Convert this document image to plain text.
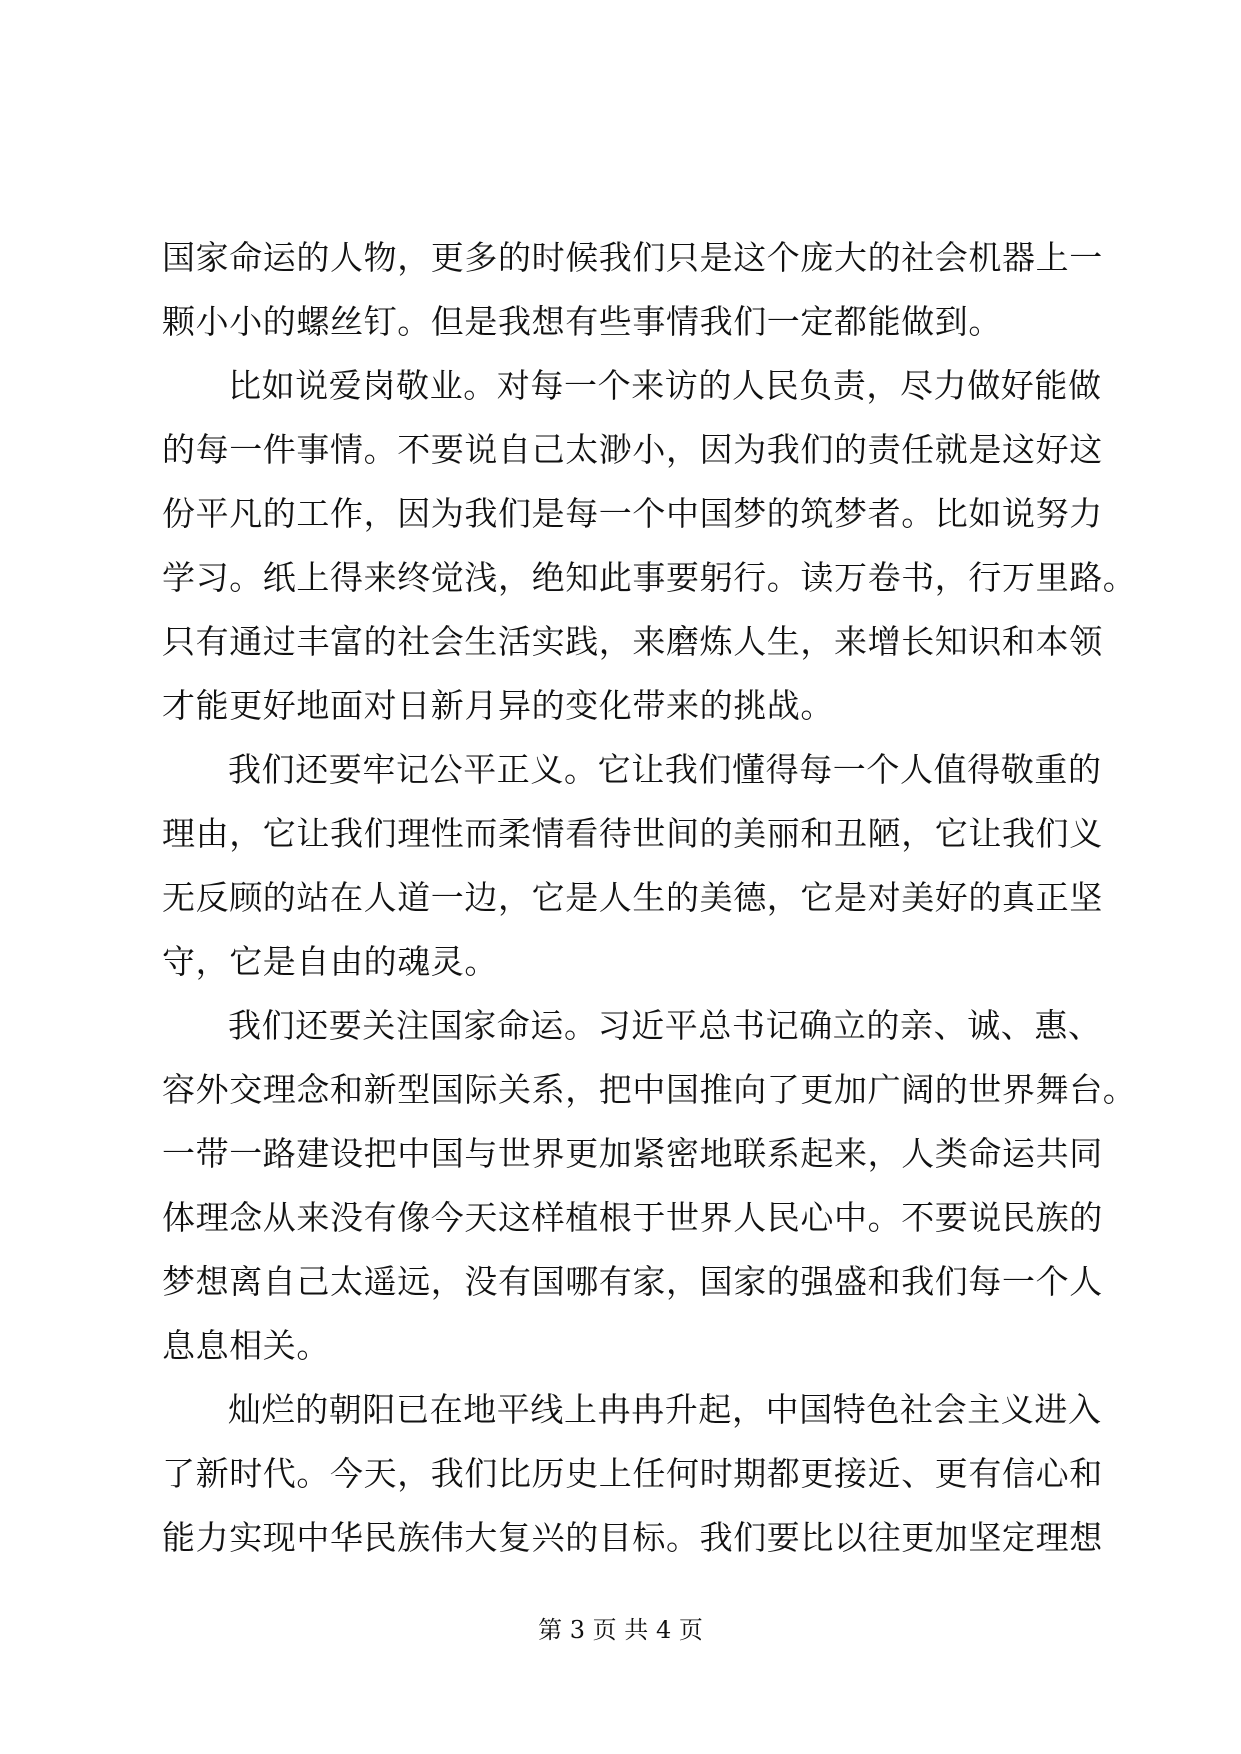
国家命运的人物，更多的时候我们只是这个庞大的社会机器上一
颗小小的螺丝钉。但是我想有些事情我们一定都能做到。
比如说爱岗敬业。对每一个来访的人民负责，尽力做好能做
的每一件事情。不要说自己太渺小，因为我们的责任就是这好这
份平凡的工作，因为我们是每一个中国梦的筑梦者。比如说努力
学习。纸上得来终觉浅，绝知此事要躬行。读万卷书，行万里路。
只有通过丰富的社会生活实践，来磨炼人生，来增长知识和本领
才能更好地面对日新月异的变化带来的挑战。
我们还要牢记公平正义。它让我们懂得每一个人值得敬重的
理由，它让我们理性而柔情看待世间的美丽和丑陋，它让我们义
无反顾的站在人道一边，它是人生的美德，它是对美好的真正坚
守，它是自由的魂灵。
我们还要关注国家命运。习近平总书记确立的亲、诚、惠、
容外交理念和新型国际关系，把中国推向了更加广阔的世界舞台。
一带一路建设把中国与世界更加紧密地联系起来，人类命运共同
体理念从来没有像今天这样植根于世界人民心中。不要说民族的
梦想离自己太遥远，没有国哪有家，国家的强盛和我们每一个人
息息相关。
灿烂的朝阳已在地平线上冉冉升起，中国特色社会主义进入
了新时代。今天，我们比历史上任何时期都更接近、更有信心和
能力实现中华民族伟大复兴的目标。我们要比以往更加坚定理想
第 3 页 共 4 页
